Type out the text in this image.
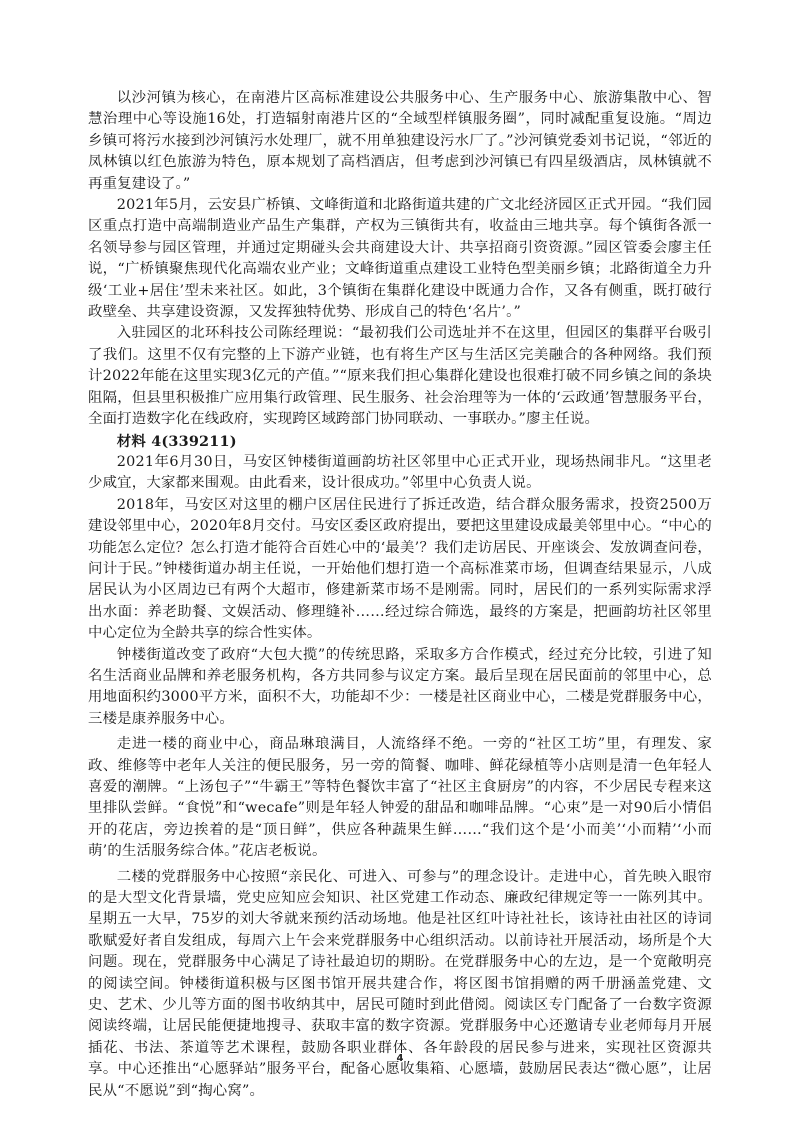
以沙河镇为核心，在南港片区高标准建设公共服务中心、生产服务中心、旅游集散中心、智慧治理中心等设施16处，打造辐射南港片区的“全域型样镇服务圈”，同时减配重复设施。“周边乡镇可将污水接到沙河镇污水处理厂，就不用单独建设污水厂了。”沙河镇党委刘书记说，“邻近的凤林镇以红色旅游为特色，原本规划了高档酒店，但考虑到沙河镇已有四星级酒店，凤林镇就不再重复建设了。”

2021年5月，云安县广桥镇、文峰街道和北路街道共建的广文北经济园区正式开园。“我们园区重点打造中高端制造业产品生产集群，产权为三镇街共有，收益由三地共享。每个镇街各派一名领导参与园区管理，并通过定期碰头会共商建设大计、共享招商引资资源。”园区管委会廖主任说，“广桥镇聚焦现代化高端农业产业；文峰街道重点建设工业特色型美丽乡镇；北路街道全力升级‘工业+居住’型未来社区。如此，3个镇街在集群化建设中既通力合作，又各有侧重，既打破行政壁垒、共享建设资源，又发挥独特优势、形成自己的特色‘名片’。”

入驻园区的北环科技公司陈经理说：“最初我们公司选址并不在这里，但园区的集群平台吸引了我们。这里不仅有完整的上下游产业链，也有将生产区与生活区完美融合的各种网络。我们预计2022年能在这里实现3亿元的产值。”“原来我们担心集群化建设也很难打破不同乡镇之间的条块阻隔，但县里积极推广应用集行政管理、民生服务、社会治理等为一体的‘云政通’智慧服务平台，全面打造数字化在线政府，实现跨区域跨部门协同联动、一事联办。”廖主任说。

材料 4(339211)

2021年6月30日，马安区钟楼街道画韵坊社区邻里中心正式开业，现场热闹非凡。“这里老少咸宜，大家都来围观。由此看来，设计很成功。”邻里中心负责人说。

2018年，马安区对这里的棚户区居住民进行了拆迁改造，结合群众服务需求，投资2500万建设邻里中心，2020年8月交付。马安区委区政府提出，要把这里建设成最美邻里中心。“中心的功能怎么定位？怎么打造才能符合百姓心中的‘最美’？我们走访居民、开座谈会、发放调查问卷，问计于民。”钟楼街道办胡主任说，一开始他们想打造一个高标准菜市场，但调查结果显示，八成居民认为小区周边已有两个大超市，修建新菜市场不是刚需。同时，居民们的一系列实际需求浮出水面：养老助餐、文娱活动、修理缝补……经过综合筛选，最终的方案是，把画韵坊社区邻里中心定位为全龄共享的综合性实体。

钟楼街道改变了政府“大包大揽”的传统思路，采取多方合作模式，经过充分比较，引进了知名生活商业品牌和养老服务机构，各方共同参与议定方案。最后呈现在居民面前的邻里中心，总用地面积约3000平方米，面积不大，功能却不少：一楼是社区商业中心，二楼是党群服务中心，三楼是康养服务中心。

走进一楼的商业中心，商品琳琅满目，人流络绎不绝。一旁的“社区工坊”里，有理发、家政、维修等中老年人关注的便民服务，另一旁的简餐、咖啡、鲜花绿植等小店则是清一色年轻人喜爱的潮牌。“上汤包子”“牛霸王”等特色餐饮丰富了“社区主食厨房”的内容，不少居民专程来这里排队尝鲜。“食悦”和“wecafe”则是年轻人钟爱的甜品和咖啡品牌。“心束”是一对90后小情侣开的花店，旁边挨着的是“顶日鲜”，供应各种蔬果生鲜……“我们这个是‘小而美’‘小而精’‘小而萌’的生活服务综合体。”花店老板说。

二楼的党群服务中心按照“亲民化、可进入、可参与”的理念设计。走进中心，首先映入眼帘的是大型文化背景墙，党史应知应会知识、社区党建工作动态、廉政纪律规定等一一陈列其中。星期五一大早，75岁的刘大爷就来预约活动场地。他是社区红叶诗社社长，该诗社由社区的诗词歌赋爱好者自发组成，每周六上午会来党群服务中心组织活动。以前诗社开展活动，场所是个大问题。现在，党群服务中心满足了诗社最迫切的期盼。在党群服务中心的左边，是一个宽敞明亮的阅读空间。钟楼街道积极与区图书馆开展共建合作，将区图书馆捐赠的两千册涵盖党建、文史、艺术、少儿等方面的图书收纳其中，居民可随时到此借阅。阅读区专门配备了一台数字资源阅读终端，让居民能便捷地搜寻、获取丰富的数字资源。党群服务中心还邀请专业老师每月开展插花、书法、茶道等艺术课程，鼓励各职业群体、各年龄段的居民参与进来，实现社区资源共享。中心还推出“心愿驿站”服务平台，配备心愿收集箱、心愿墙，鼓励居民表达“微心愿”，让居民从“不愿说”到“掏心窝”。

4
